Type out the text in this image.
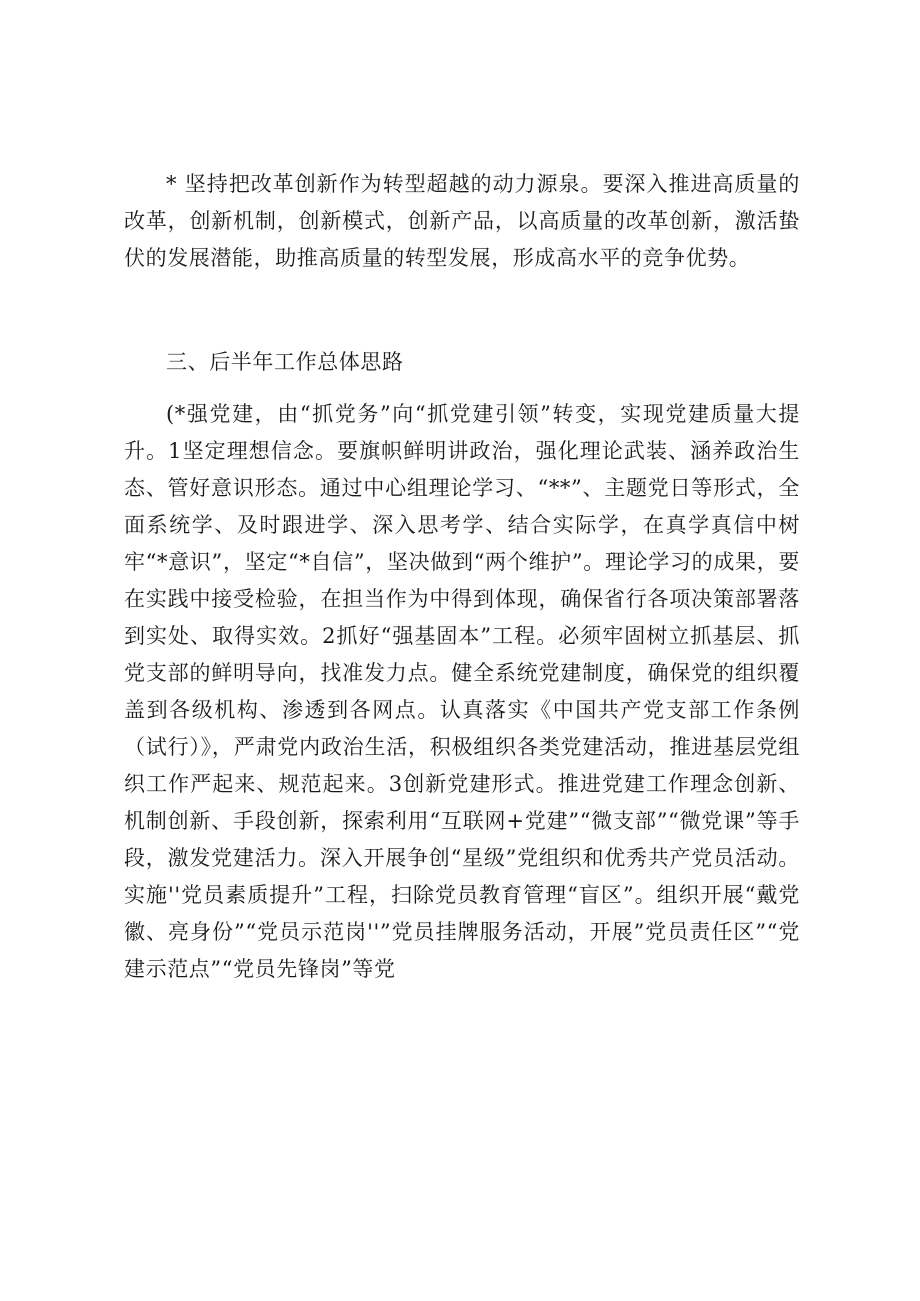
* 坚持把改革创新作为转型超越的动力源泉。要深入推进高质量的改革，创新机制，创新模式，创新产品，以高质量的改革创新，激活蛰伏的发展潜能，助推高质量的转型发展，形成高水平的竞争优势。

三、后半年工作总体思路

(*强党建，由“抓党务”向“抓党建引领”转变，实现党建质量大提升。1坚定理想信念。要旗帜鲜明讲政治，强化理论武装、涵养政治生态、管好意识形态。通过中心组理论学习、“**”、主题党日等形式，全面系统学、及时跟进学、深入思考学、结合实际学，在真学真信中树牢“*意识”，坚定“*自信”，坚决做到“两个维护”。理论学习的成果，要在实践中接受检验，在担当作为中得到体现，确保省行各项决策部署落到实处、取得实效。2抓好“强基固本”工程。必须牢固树立抓基层、抓党支部的鲜明导向，找准发力点。健全系统党建制度，确保党的组织覆盖到各级机构、渗透到各网点。认真落实《中国共产党支部工作条例（试行）》，严肃党内政治生活，积极组织各类党建活动，推进基层党组织工作严起来、规范起来。3创新党建形式。推进党建工作理念创新、机制创新、手段创新，探索利用“互联网+党建”“微支部”“微党课”等手段，激发党建活力。深入开展争创“星级”党组织和优秀共产党员活动。实施''党员素质提升”工程，扫除党员教育管理“盲区”。组织开展“戴党徽、亮身份”“党员示范岗''”党员挂牌服务活动，开展”党员责任区”“党建示范点”“党员先锋岗”等党
